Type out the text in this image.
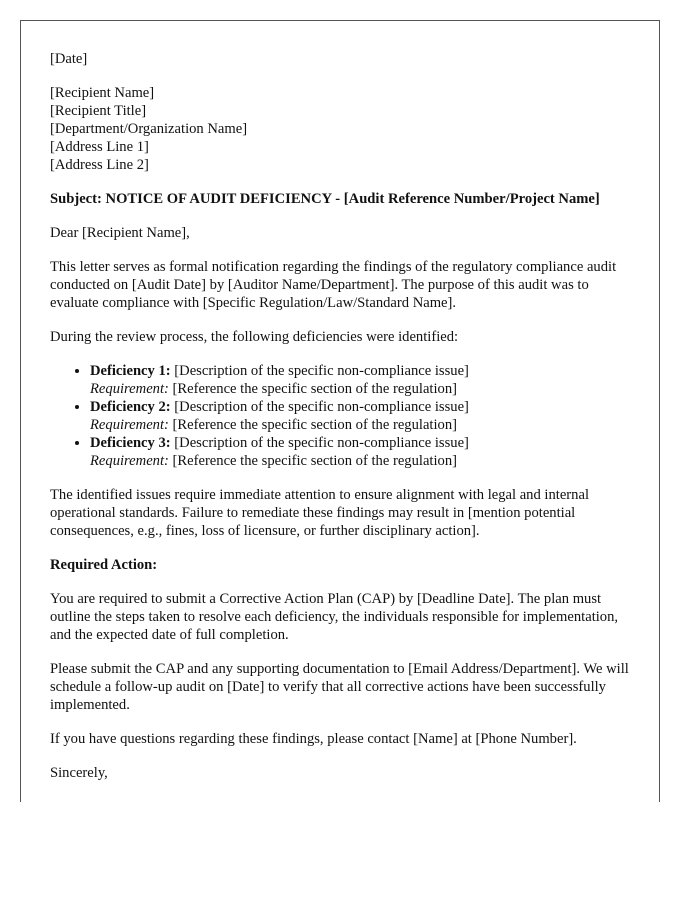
[Date]

[Recipient Name]
[Recipient Title]
[Department/Organization Name]
[Address Line 1]
[Address Line 2]

Subject: NOTICE OF AUDIT DEFICIENCY - [Audit Reference Number/Project Name]

Dear [Recipient Name],

This letter serves as formal notification regarding the findings of the regulatory compliance audit conducted on [Audit Date] by [Auditor Name/Department]. The purpose of this audit was to evaluate compliance with [Specific Regulation/Law/Standard Name].

During the review process, the following deficiencies were identified:

• Deficiency 1: [Description of the specific non-compliance issue]
Requirement: [Reference the specific section of the regulation]
• Deficiency 2: [Description of the specific non-compliance issue]
Requirement: [Reference the specific section of the regulation]
• Deficiency 3: [Description of the specific non-compliance issue]
Requirement: [Reference the specific section of the regulation]

The identified issues require immediate attention to ensure alignment with legal and internal operational standards. Failure to remediate these findings may result in [mention potential consequences, e.g., fines, loss of licensure, or further disciplinary action].

Required Action:

You are required to submit a Corrective Action Plan (CAP) by [Deadline Date]. The plan must outline the steps taken to resolve each deficiency, the individuals responsible for implementation, and the expected date of full completion.

Please submit the CAP and any supporting documentation to [Email Address/Department]. We will schedule a follow-up audit on [Date] to verify that all corrective actions have been successfully implemented.

If you have questions regarding these findings, please contact [Name] at [Phone Number].

Sincerely,
